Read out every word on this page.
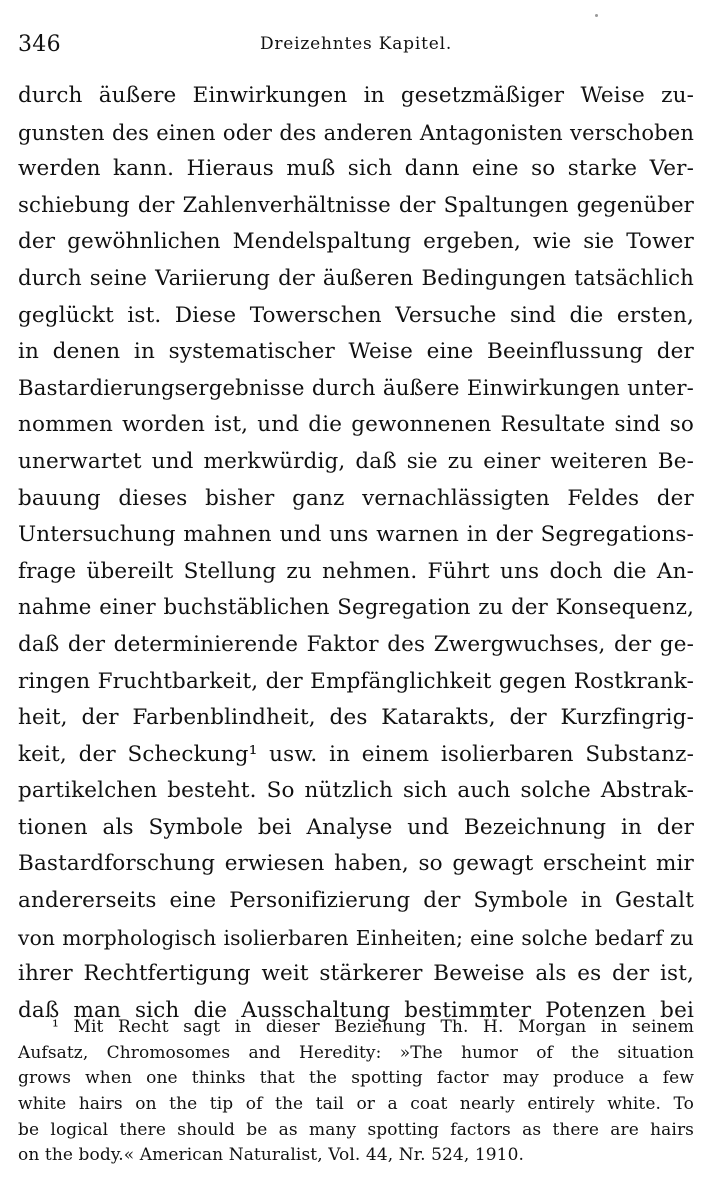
346	Dreizehntes Kapitel.
durch äußere Einwirkungen in gesetzmäßiger Weise zu-
gunsten des einen oder des anderen Antagonisten verschoben
werden kann. Hieraus muß sich dann eine so starke Ver-
schiebung der Zahlenverhältnisse der Spaltungen gegenüber
der gewöhnlichen Mendelspaltung ergeben, wie sie Tower
durch seine Variierung der äußeren Bedingungen tatsächlich
geglückt ist. Diese Towerschen Versuche sind die ersten,
in denen in systematischer Weise eine Beeinflussung der
Bastardierungsergebnisse durch äußere Einwirkungen unter-
nommen worden ist, und die gewonnenen Resultate sind so
unerwartet und merkwürdig, daß sie zu einer weiteren Be-
bauung dieses bisher ganz vernachlässigten Feldes der
Untersuchung mahnen und uns warnen in der Segregations-
frage übereilt Stellung zu nehmen. Führt uns doch die An-
nahme einer buchstäblichen Segregation zu der Konsequenz,
daß der determinierende Faktor des Zwergwuchses, der ge-
ringen Fruchtbarkeit, der Empfänglichkeit gegen Rostkrank-
heit, der Farbenblindheit, des Katarakts, der Kurzfingrig-
keit, der Scheckung¹ usw. in einem isolierbaren Substanz-
partikelchen besteht. So nützlich sich auch solche Abstrak-
tionen als Symbole bei Analyse und Bezeichnung in der
Bastardforschung erwiesen haben, so gewagt erscheint mir
andererseits eine Personifizierung der Symbole in Gestalt
von morphologisch isolierbaren Einheiten; eine solche bedarf zu
ihrer Rechtfertigung weit stärkerer Beweise als es der ist,
daß man sich die Ausschaltung bestimmter Potenzen bei
¹ Mit Recht sagt in dieser Beziehung Th. H. Morgan in seinem
Aufsatz, Chromosomes and Heredity: »The humor of the situation
grows when one thinks that the spotting factor may produce a few
white hairs on the tip of the tail or a coat nearly entirely white. To
be logical there should be as many spotting factors as there are hairs
on the body.« American Naturalist, Vol. 44, Nr. 524, 1910.
